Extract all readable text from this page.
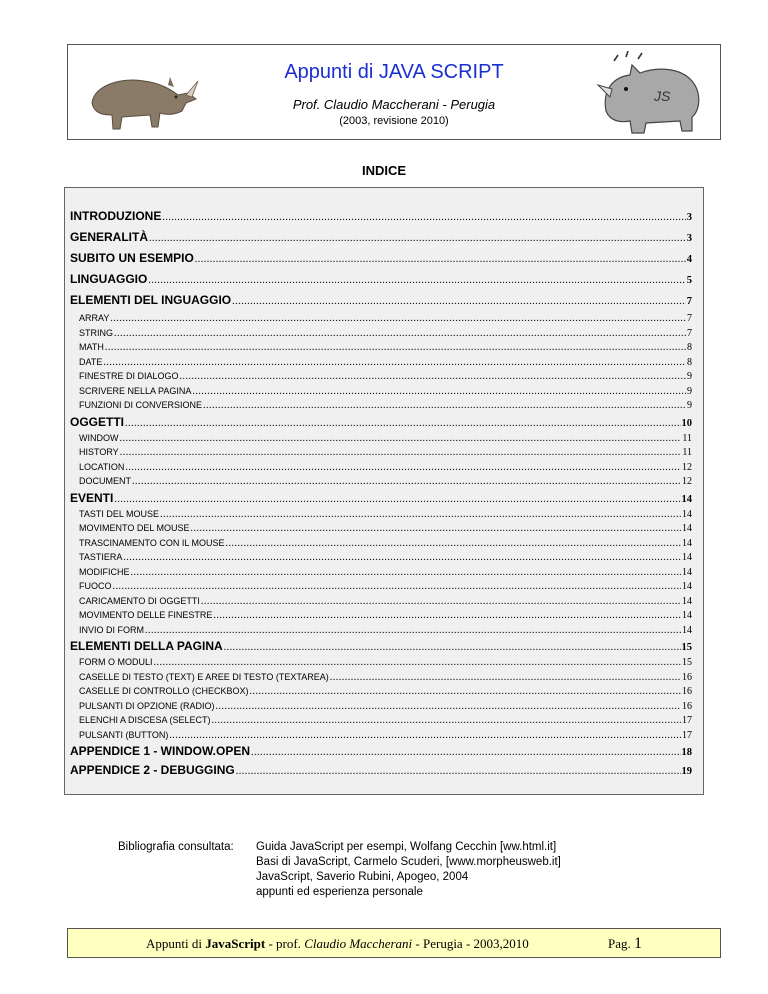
Appunti di JAVA SCRIPT
Prof. Claudio Maccherani - Perugia
(2003, revisione 2010)
JS
INDICE
INTRODUZIONE .....	3
GENERALITÀ .....	3
SUBITO UN ESEMPIO .....	4
LINGUAGGIO .....	5
ELEMENTI DEL INGUAGGIO .....	7
ARRAY .....	7
STRING .....	7
MATH .....	8
DATE .....	8
FINESTRE DI DIALOGO .....	9
SCRIVERE NELLA PAGINA .....	9
FUNZIONI DI CONVERSIONE .....	9
OGGETTI .....	10
WINDOW .....	11
HISTORY .....	11
LOCATION .....	12
DOCUMENT .....	12
EVENTI .....	14
TASTI DEL MOUSE .....	14
MOVIMENTO DEL MOUSE .....	14
TRASCINAMENTO CON IL MOUSE .....	14
TASTIERA .....	14
MODIFICHE .....	14
FUOCO .....	14
CARICAMENTO DI OGGETTI .....	14
MOVIMENTO DELLE FINESTRE .....	14
INVIO DI FORM .....	14
ELEMENTI DELLA PAGINA .....	15
FORM O MODULI .....	15
CASELLE DI TESTO (TEXT) E AREE DI TESTO (TEXTAREA) .....	16
CASELLE DI CONTROLLO (CHECKBOX) .....	16
PULSANTI DI OPZIONE (RADIO) .....	16
ELENCHI A DISCESA (SELECT) .....	17
PULSANTI (BUTTON) .....	17
APPENDICE 1 - WINDOW.OPEN .....	18
APPENDICE 2 - DEBUGGING .....	19
Bibliografia consultata: Guida JavaScript per esempi, Wolfang Cecchin [ww.html.it]
Basi di JavaScript, Carmelo Scuderi, [www.morpheusweb.it]
JavaScript, Saverio Rubini, Apogeo, 2004
appunti ed esperienza personale
Appunti di JavaScript - prof. Claudio Maccherani - Perugia - 2003,2010	Pag. 1
